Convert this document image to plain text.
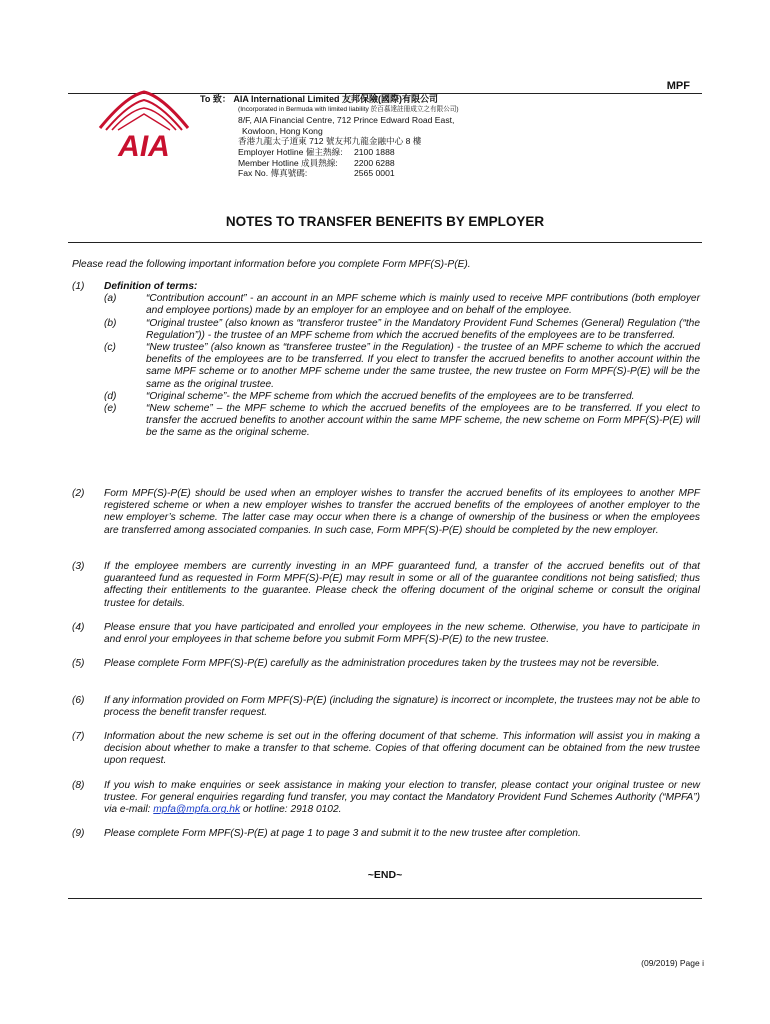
MPF
AIA
To 致： AIA International Limited 友邦保險(國際)有限公司
(Incorporated in Bermuda with limited liability 於百慕達註冊成立之有限公司)
8/F, AIA Financial Centre, 712 Prince Edward Road East,
Kowloon, Hong Kong
香港九龍太子道東 712 號友邦九龍金融中心 8 樓
Employer Hotline 僱主熱線: 2100 1888
Member Hotline 成員熱線: 2200 6288
Fax No. 傳真號碼:	2565 0001
NOTES TO TRANSFER BENEFITS BY EMPLOYER
Please read the following important information before you complete Form MPF(S)-P(E).
(1)	Definition of terms:
(a)	“Contribution account” - an account in an MPF scheme which is mainly used to receive MPF contributions (both employer and employee portions) made by an employer for an employee and on behalf of the employee.
(b)	“Original trustee” (also known as “transferor trustee” in the Mandatory Provident Fund Schemes (General) Regulation (“the Regulation”)) - the trustee of an MPF scheme from which the accrued benefits of the employees are to be transferred.
(c)	“New trustee” (also known as “transferee trustee” in the Regulation) - the trustee of an MPF scheme to which the accrued benefits of the employees are to be transferred. If you elect to transfer the accrued benefits to another account within the same MPF scheme or to another MPF scheme under the same trustee, the new trustee on Form MPF(S)-P(E) will be the same as the original trustee.
(d)	“Original scheme”- the MPF scheme from which the accrued benefits of the employees are to be transferred.
(e)	“New scheme” – the MPF scheme to which the accrued benefits of the employees are to be transferred. If you elect to transfer the accrued benefits to another account within the same MPF scheme, the new scheme on Form MPF(S)-P(E) will be the same as the original scheme.
(2)	Form MPF(S)-P(E) should be used when an employer wishes to transfer the accrued benefits of its employees to another MPF registered scheme or when a new employer wishes to transfer the accrued benefits of the employees of another employer to the new employer’s scheme. The latter case may occur when there is a change of ownership of the business or when the employees are transferred among associated companies. In such case, Form MPF(S)-P(E) should be completed by the new employer.
(3)	If the employee members are currently investing in an MPF guaranteed fund, a transfer of the accrued benefits out of that guaranteed fund as requested in Form MPF(S)-P(E) may result in some or all of the guarantee conditions not being satisfied; thus affecting their entitlements to the guarantee. Please check the offering document of the original scheme or consult the original trustee for details.
(4)	Please ensure that you have participated and enrolled your employees in the new scheme. Otherwise, you have to participate in and enrol your employees in that scheme before you submit Form MPF(S)-P(E) to the new trustee.
(5)	Please complete Form MPF(S)-P(E) carefully as the administration procedures taken by the trustees may not be reversible.
(6)	If any information provided on Form MPF(S)-P(E) (including the signature) is incorrect or incomplete, the trustees may not be able to process the benefit transfer request.
(7)	Information about the new scheme is set out in the offering document of that scheme. This information will assist you in making a decision about whether to make a transfer to that scheme. Copies of that offering document can be obtained from the new trustee upon request.
(8)	If you wish to make enquiries or seek assistance in making your election to transfer, please contact your original trustee or new trustee. For general enquiries regarding fund transfer, you may contact the Mandatory Provident Fund Schemes Authority (“MPFA”) via e-mail: mpfa@mpfa.org.hk or hotline: 2918 0102.
(9)	Please complete Form MPF(S)-P(E) at page 1 to page 3 and submit it to the new trustee after completion.
~END~
(09/2019) Page i
